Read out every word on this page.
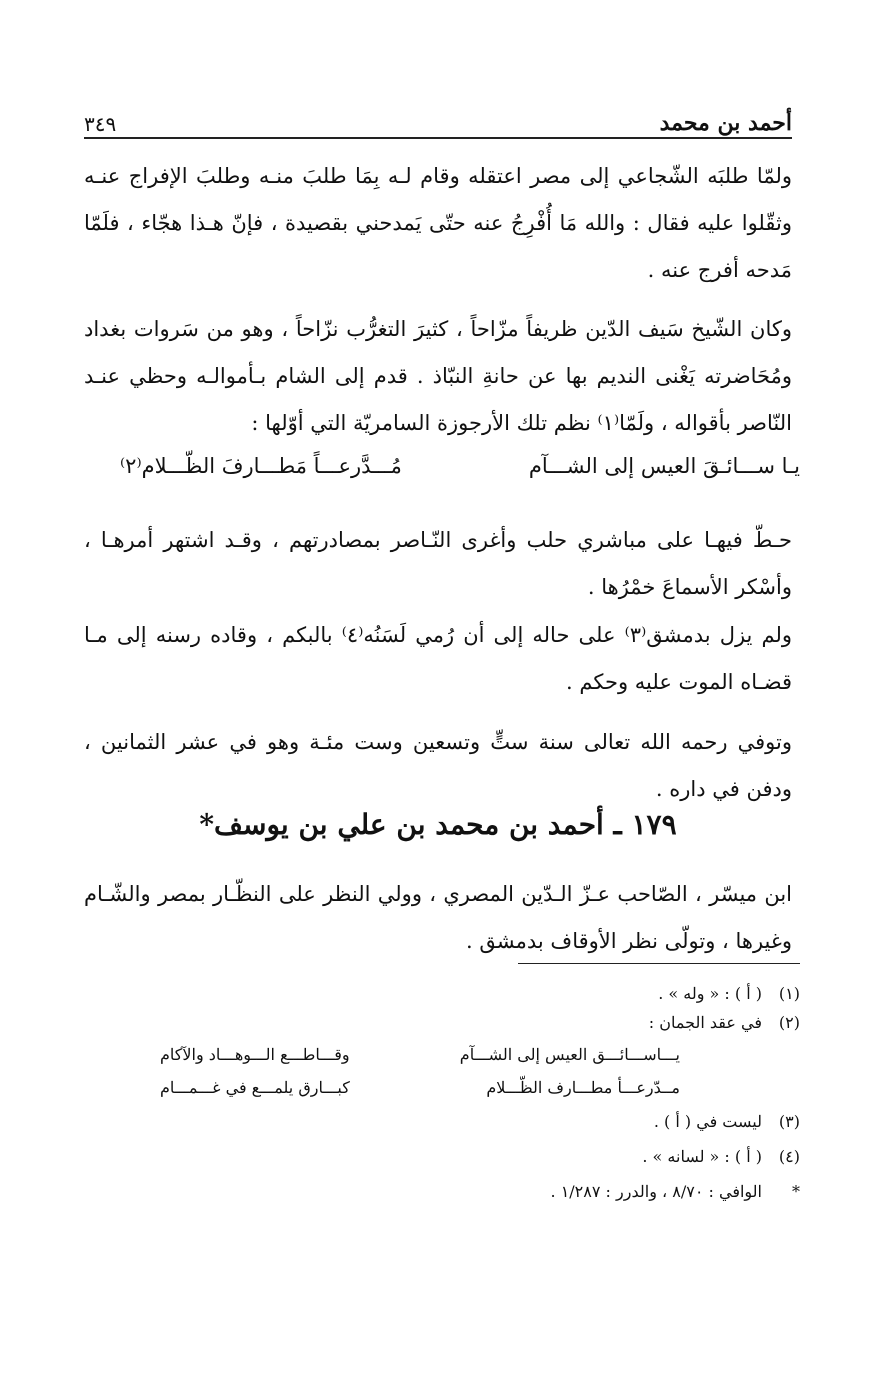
٣٤٩	أحمد بن محمد
ولمّا طلبَه الشّجاعي إلى مصر اعتقله وقام لـه بِمَا طلبَ منـه وطلبَ الإفراج عنـه وثقّلوا عليه فقال : والله مَا أُفْرِجُ عنه حتّى يَمدحني بقصيدة ، فإنّ هـذا هجّاء ، فلَمّا مَدحه أفرج عنه .
وكان الشّيخ سَيف الدّين ظريفاً مزّاحاً ، كثيرَ التغرُّب نزّاحاً ، وهو من سَروات بغداد ومُحَاضرته يَغْنى النديم بها عن حانةِ النبّاذ . قدم إلى الشام بـأموالـه وحظي عنـد النّاصر بأقواله ، ولَمّا⁽١⁾ نظم تلك الأرجوزة السامريّة التي أوّلها :
يـا ســـائـقَ العيس إلى الشـــآم
مُـــدَّرعـــاً مَطـــارفَ الظّـــلام⁽٢⁾
حـطّ فيهـا على مباشري حلب وأغرى النّـاصر بمصادرتهم ، وقـد اشتهر أمرهـا ، وأسْكر الأسماعَ خمْرُها .
ولم يزل بدمشق⁽٣⁾ على حاله إلى أن رُمي لَسَنُه⁽٤⁾ بالبكم ، وقاده رسنه إلى مـا قضـاه الموت عليه وحكم .
وتوفي رحمه الله تعالى سنة ستٍّ وتسعين وست مئـة وهو في عشر الثمانين ، ودفن في داره .
١٧٩ ـ أحمد بن محمد بن علي بن يوسف*
ابن ميسّر ، الصّاحب عـزّ الـدّين المصري ، وولي النظر على النظّـار بمصر والشّـام وغيرها ، وتولّى نظر الأوقاف بدمشق .
(١)
( أ ) : « وله » .
(٢)
في عقد الجمان :
يـــاســـائـــق العيس إلى الشـــآم
وقـــاطـــع الـــوهـــاد والآكام
مــدّرعـــأ مطـــارف الظّـــلام
كبـــارق يلمـــع في غـــمـــام
(٣)
ليست في ( أ ) .
(٤)
( أ ) : « لسانه » .
*
الوافي : ٨/٧٠ ، والدرر : ١/٢٨٧ .
